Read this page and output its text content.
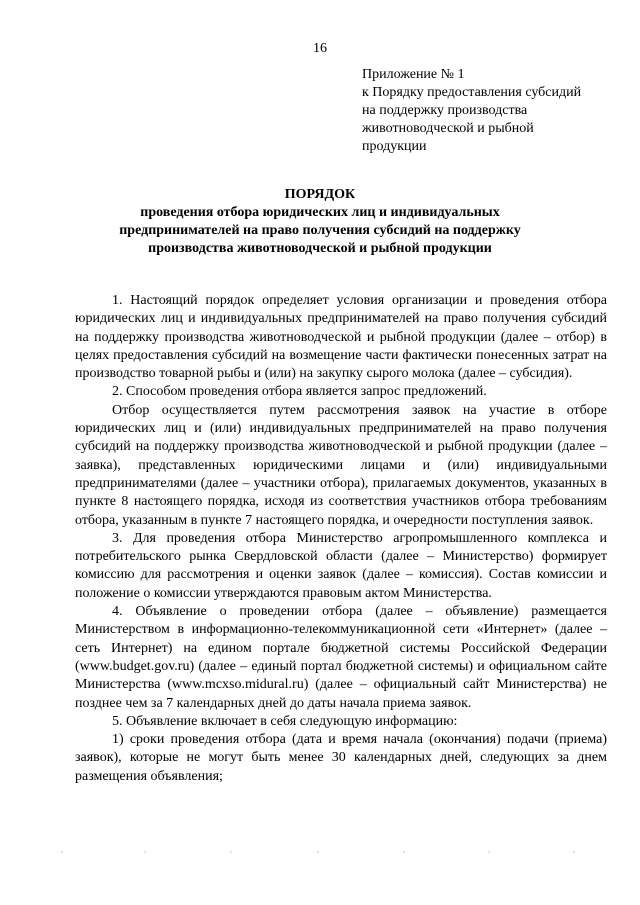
16
Приложение № 1
к Порядку предоставления субсидий
на поддержку производства
животноводческой и рыбной
продукции
ПОРЯДОК
проведения отбора юридических лиц и индивидуальных
предпринимателей на право получения субсидий на поддержку
производства животноводческой и рыбной продукции

1. Настоящий порядок определяет условия организации и проведения отбора юридических лиц и индивидуальных предпринимателей на право получения субсидий на поддержку производства животноводческой и рыбной продукции (далее – отбор) в целях предоставления субсидий на возмещение части фактически понесенных затрат на производство товарной рыбы и (или) на закупку сырого молока (далее – субсидия).

2. Способом проведения отбора является запрос предложений.

Отбор осуществляется путем рассмотрения заявок на участие в отборе юридических лиц и (или) индивидуальных предпринимателей на право получения субсидий на поддержку производства животноводческой и рыбной продукции (далее – заявка), представленных юридическими лицами и (или) индивидуальными предпринимателями (далее – участники отбора), прилагаемых документов, указанных в пункте 8 настоящего порядка, исходя из соответствия участников отбора требованиям отбора, указанным в пункте 7 настоящего порядка, и очередности поступления заявок.

3. Для проведения отбора Министерство агропромышленного комплекса и потребительского рынка Свердловской области (далее – Министерство) формирует комиссию для рассмотрения и оценки заявок (далее – комиссия). Состав комиссии и положение о комиссии утверждаются правовым актом Министерства.

4. Объявление о проведении отбора (далее – объявление) размещается Министерством в информационно-телекоммуникационной сети «Интернет» (далее – сеть Интернет) на едином портале бюджетной системы Российской Федерации (www.budget.gov.ru) (далее – единый портал бюджетной системы) и официальном сайте Министерства (www.mcxso.midural.ru) (далее – официальный сайт Министерства) не позднее чем за 7 календарных дней до даты начала приема заявок.

5. Объявление включает в себя следующую информацию:

1) сроки проведения отбора (дата и время начала (окончания) подачи (приема) заявок), которые не могут быть менее 30 календарных дней, следующих за днем размещения объявления;
